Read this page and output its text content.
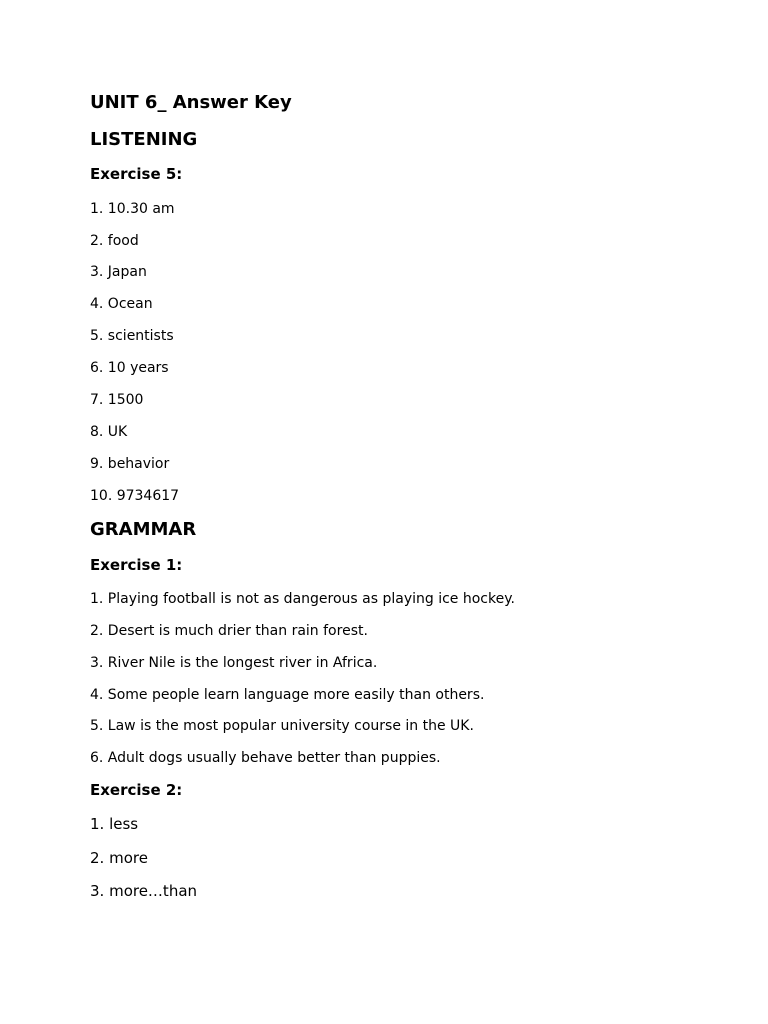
UNIT 6_ Answer Key
LISTENING
Exercise 5:
1. 10.30 am
2. food
3. Japan
4. Ocean
5. scientists
6. 10 years
7. 1500
8. UK
9. behavior
10. 9734617
GRAMMAR
Exercise 1:
1. Playing football is not as dangerous as playing ice hockey.
2. Desert is much drier than rain forest.
3. River Nile is the longest river in Africa.
4. Some people learn language more easily than others.
5. Law is the most popular university course in the UK.
6. Adult dogs usually behave better than puppies.
Exercise 2:
1. less
2. more
3. more…than
